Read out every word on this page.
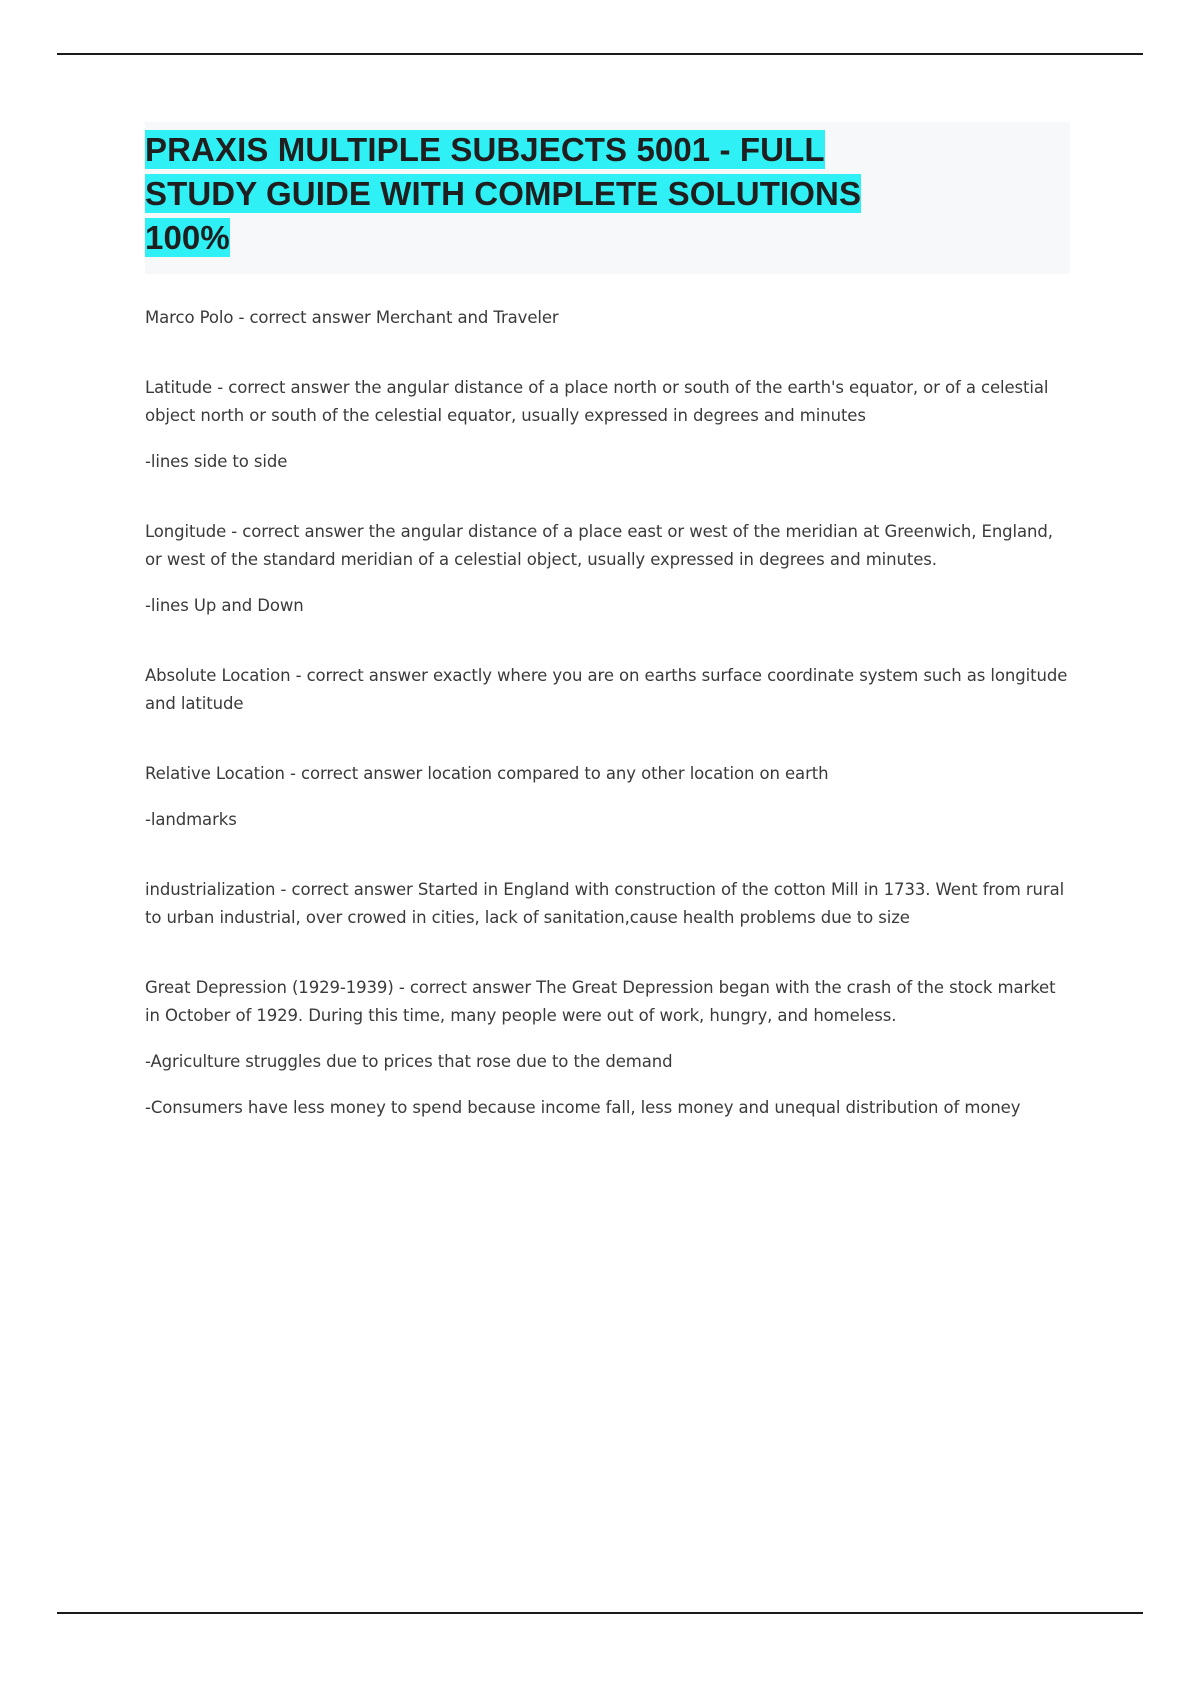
PRAXIS MULTIPLE SUBJECTS 5001 - FULL
STUDY GUIDE WITH COMPLETE SOLUTIONS
100%

Marco Polo - correct answer Merchant and Traveler

Latitude - correct answer the angular distance of a place north or south of the earth's equator, or of a celestial object north or south of the celestial equator, usually expressed in degrees and minutes

-lines side to side

Longitude - correct answer the angular distance of a place east or west of the meridian at Greenwich, England, or west of the standard meridian of a celestial object, usually expressed in degrees and minutes.

-lines Up and Down

Absolute Location - correct answer exactly where you are on earths surface coordinate system such as longitude and latitude

Relative Location - correct answer location compared to any other location on earth

-landmarks

industrialization - correct answer Started in England with construction of the cotton Mill in 1733. Went from rural to urban industrial, over crowed in cities, lack of sanitation,cause health problems due to size

Great Depression (1929-1939) - correct answer The Great Depression began with the crash of the stock market in October of 1929. During this time, many people were out of work, hungry, and homeless.

-Agriculture struggles due to prices that rose due to the demand

-Consumers have less money to spend because income fall, less money and unequal distribution of money
